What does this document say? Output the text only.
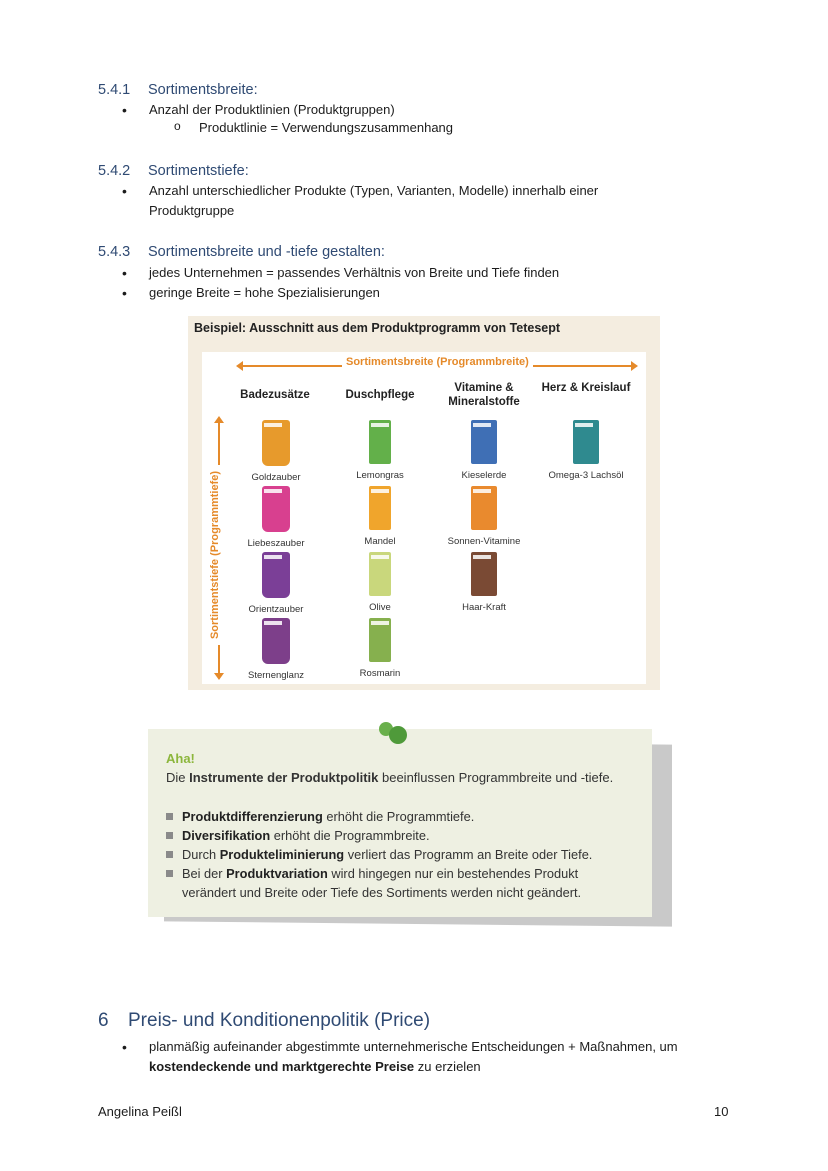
5.4.1 Sortimentsbreite:
Anzahl der Produktlinien (Produktgruppen)
Produktlinie = Verwendungszusammenhang
5.4.2 Sortimentstiefe:
Anzahl unterschiedlicher Produkte (Typen, Varianten, Modelle) innerhalb einer Produktgruppe
5.4.3 Sortimentsbreite und -tiefe gestalten:
jedes Unternehmen = passendes Verhältnis von Breite und Tiefe finden
geringe Breite = hohe Spezialisierungen
Beispiel: Ausschnitt aus dem Produktprogramm von Tetesept
Sortimentsbreite (Programmbreite)
Sortimentstiefe (Programmtiefe)
Badezusätze	Duschpflege
Vitamine & Mineralstoffe
Herz & Kreislauf
Goldzauber
Liebeszauber
Orientzauber
Sternenglanz
Lemongras
Mandel
Olive
Rosmarin
Kieselerde
Sonnen-Vitamine
Haar-Kraft
Omega-3 Lachsöl
Aha!
Die Instrumente der Produktpolitik beeinflussen Programmbreite und -tiefe.
Produktdifferenzierung erhöht die Programmtiefe.
Diversifikation erhöht die Programmbreite.
Durch Produkteliminierung verliert das Programm an Breite oder Tiefe.
Bei der Produktvariation wird hingegen nur ein bestehendes Produkt verändert und Breite oder Tiefe des Sortiments werden nicht geändert.
6 Preis- und Konditionenpolitik (Price)
planmäßig aufeinander abgestimmte unternehmerische Entscheidungen + Maßnahmen, um kostendeckende und marktgerechte Preise zu erzielen
Angelina Peißl	10
